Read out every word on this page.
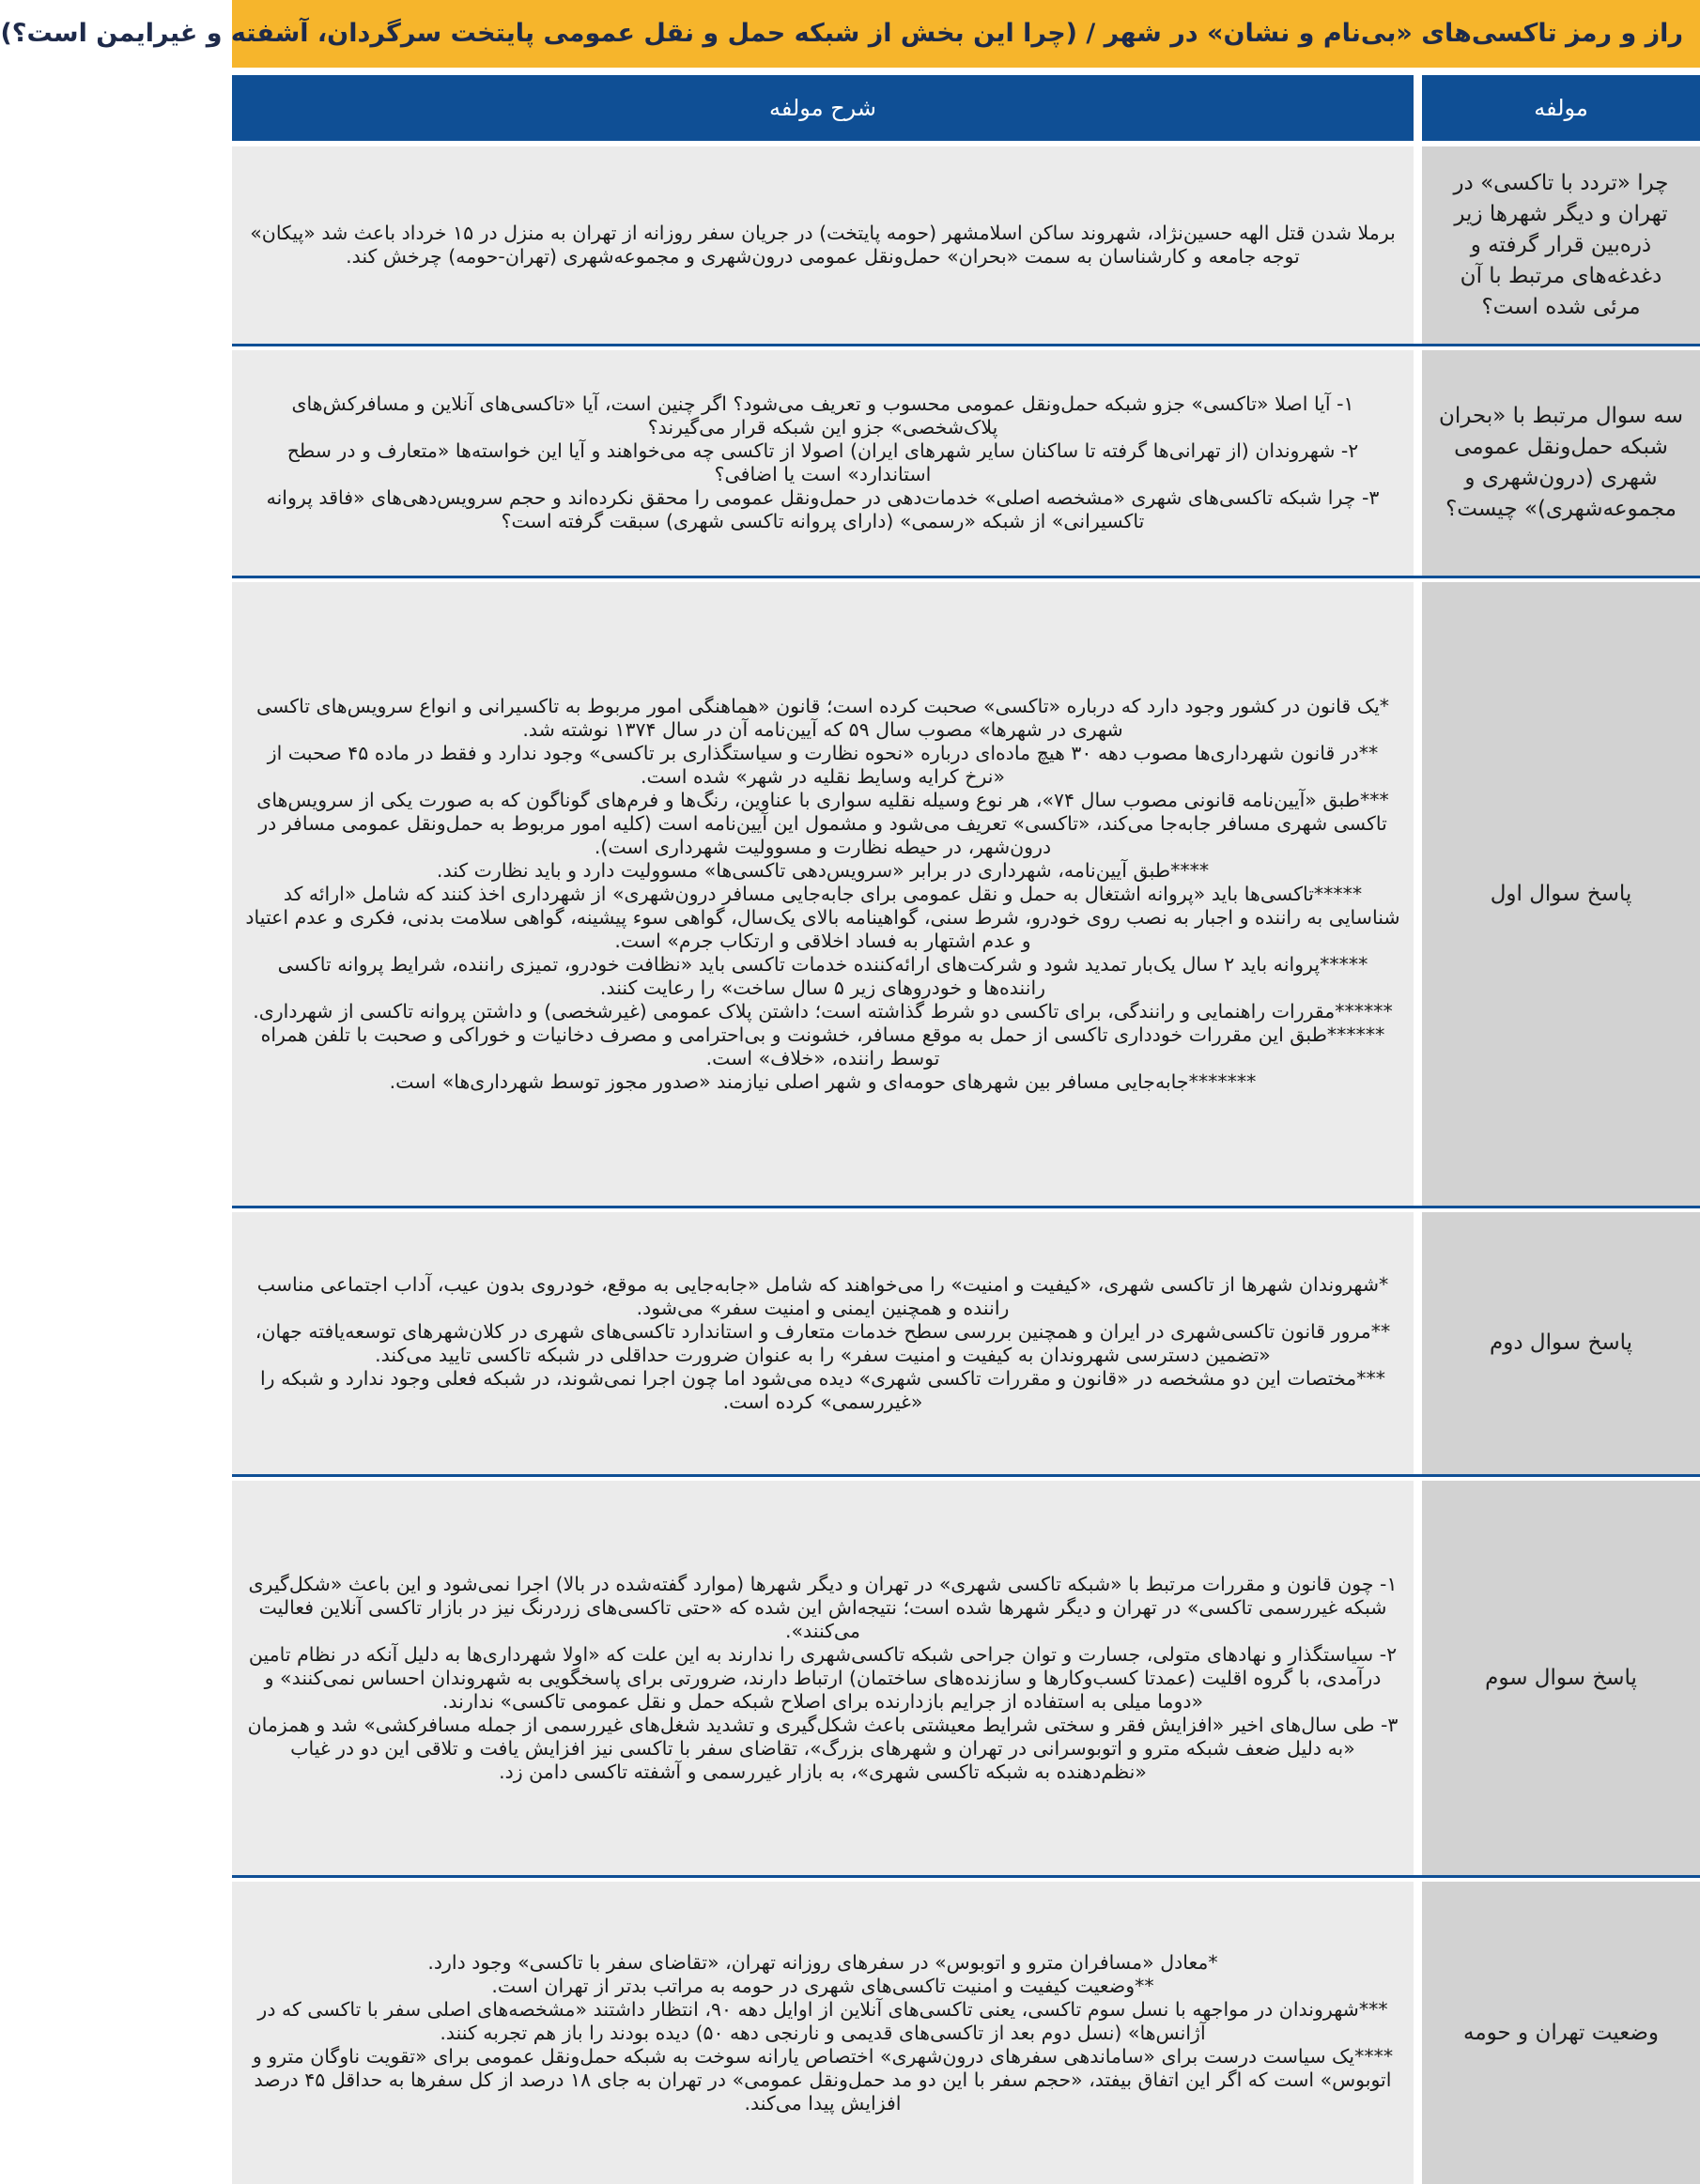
راز و رمز تاکسی‌های «بی‌نام و نشان» در شهر / (چرا این بخش از شبکه حمل و نقل عمومی پایتخت سرگردان، آشفته و غیرایمن است؟)
شرح مولفه	مولفه

برملا شدن قتل الهه حسین‌نژاد، شهروند ساکن اسلامشهر (حومه پایتخت) در جریان سفر روزانه از تهران به منزل در ۱۵ خرداد باعث شد «پیکان» توجه جامعه و کارشناسان به سمت «بحران» حمل‌ونقل عمومی درون‌شهری و مجموعه‌شهری (تهران-حومه) چرخش کند.

چرا «تردد با تاکسی» در تهران و دیگر شهرها زیر ذره‌بین قرار گرفته و دغدغه‌های مرتبط با آن مرئی شده است؟

۱- آیا اصلا «تاکسی» جزو شبکه حمل‌ونقل عمومی محسوب و تعریف می‌شود؟ اگر چنین است، آیا «تاکسی‌های آنلاین و مسافرکش‌های پلاک‌شخصی» جزو این شبکه قرار می‌گیرند؟

۲- شهروندان (از تهرانی‌ها گرفته تا ساکنان سایر شهرهای ایران) اصولا از تاکسی چه می‌خواهند و آیا این خواسته‌ها «متعارف و در سطح استاندارد» است یا اضافی؟

۳- چرا شبکه تاکسی‌های شهری «مشخصه اصلی» خدمات‌دهی در حمل‌ونقل عمومی را محقق نکرده‌اند و حجم سرویس‌دهی‌های «فاقد پروانه تاکسیرانی» از شبکه «رسمی» (دارای پروانه تاکسی شهری) سبقت گرفته است؟

سه سوال مرتبط با «بحران شبکه حمل‌ونقل عمومی شهری (درون‌شهری و مجموعه‌شهری)» چیست؟

*یک قانون در کشور وجود دارد که درباره «تاکسی» صحبت کرده است؛ قانون «هماهنگی امور مربوط به تاکسیرانی و انواع سرویس‌های تاکسی شهری در شهرها» مصوب سال ۵۹ که آیین‌نامه آن در سال ۱۳۷۴ نوشته شد.

**در قانون شهرداری‌ها مصوب دهه ۳۰ هیچ ماده‌ای درباره «نحوه نظارت و سیاستگذاری بر تاکسی» وجود ندارد و فقط در ماده ۴۵ صحبت از «نرخ کرایه وسایط نقلیه در شهر» شده است.

***طبق «آیین‌نامه قانونی مصوب سال ۷۴»، هر نوع وسیله نقلیه سواری با عناوین، رنگ‌ها و فرم‌های گوناگون که به صورت یکی از سرویس‌های تاکسی شهری مسافر جابه‌جا می‌کند، «تاکسی» تعریف می‌شود و مشمول این آیین‌نامه است (کلیه امور مربوط به حمل‌ونقل عمومی مسافر در درون‌شهر، در حیطه نظارت و مسوولیت شهرداری است).

****طبق آیین‌نامه، شهرداری در برابر «سرویس‌دهی تاکسی‌ها» مسوولیت دارد و باید نظارت کند.

*****تاکسی‌ها باید «پروانه اشتغال به حمل و نقل عمومی برای جابه‌جایی مسافر درون‌شهری» از شهرداری اخذ کنند که شامل «ارائه کد شناسایی به راننده و اجبار به نصب روی خودرو، شرط سنی، گواهینامه بالای یک‌سال، گواهی سوء پیشینه، گواهی سلامت بدنی، فکری و عدم اعتیاد و عدم اشتهار به فساد اخلاقی و ارتکاب جرم» است.

*****پروانه باید ۲ سال یک‌بار تمدید شود و شرکت‌های ارائه‌کننده خدمات تاکسی باید «نظافت خودرو، تمیزی راننده، شرایط پروانه تاکسی راننده‌ها و خودروهای زیر ۵ سال ساخت» را رعایت کنند.

******مقررات راهنمایی و رانندگی، برای تاکسی دو شرط گذاشته است؛ داشتن پلاک عمومی (غیرشخصی) و داشتن پروانه تاکسی از شهرداری.

******طبق این مقررات خودداری تاکسی از حمل به موقع مسافر، خشونت و بی‌احترامی و مصرف دخانیات و خوراکی و صحبت با تلفن همراه توسط راننده، «خلاف» است.

*******جابه‌جایی مسافر بین شهرهای حومه‌ای و شهر اصلی نیازمند «صدور مجوز توسط شهرداری‌ها» است.

پاسخ سوال اول

*شهروندان شهرها از تاکسی شهری، «کیفیت و امنیت» را می‌خواهند که شامل «جابه‌جایی به موقع، خودروی بدون عیب، آداب اجتماعی مناسب راننده و همچنین ایمنی و امنیت سفر» می‌شود.

**مرور قانون تاکسی‌شهری در ایران و همچنین بررسی سطح خدمات متعارف و استاندارد تاکسی‌های شهری در کلان‌شهرهای توسعه‌یافته جهان، «تضمین دسترسی شهروندان به کیفیت و امنیت سفر» را به عنوان ضرورت حداقلی در شبکه تاکسی تایید می‌کند.

***مختصات این دو مشخصه در «قانون و مقررات تاکسی شهری» دیده می‌شود اما چون اجرا نمی‌شوند، در شبکه فعلی وجود ندارد و شبکه را «غیررسمی» کرده است.

پاسخ سوال دوم

۱- چون قانون و مقررات مرتبط با «شبکه تاکسی شهری» در تهران و دیگر شهرها (موارد گفته‌شده در بالا) اجرا نمی‌شود و این باعث «شکل‌گیری شبکه غیررسمی تاکسی» در تهران و دیگر شهرها شده است؛ نتیجه‌اش این شده که «حتی تاکسی‌های زردرنگ نیز در بازار تاکسی آنلاین فعالیت می‌کنند».

۲- سیاستگذار و نهادهای متولی، جسارت و توان جراحی شبکه تاکسی‌شهری را ندارند به این علت که «اولا شهرداری‌ها به دلیل آنکه در نظام تامین درآمدی، با گروه اقلیت (عمدتا کسب‌وکارها و سازنده‌های ساختمان) ارتباط دارند، ضرورتی برای پاسخگویی به شهروندان احساس نمی‌کنند» و «دوما میلی به استفاده از جرایم بازدارنده برای اصلاح شبکه حمل و نقل عمومی تاکسی» ندارند.

۳- طی سال‌های اخیر «افزایش فقر و سختی شرایط معیشتی باعث شکل‌گیری و تشدید شغل‌های غیررسمی از جمله مسافرکشی» شد و همزمان «به دلیل ضعف شبکه مترو و اتوبوسرانی در تهران و شهرهای بزرگ»، تقاضای سفر با تاکسی نیز افزایش یافت و تلاقی این دو در غیاب «نظم‌دهنده به شبکه تاکسی شهری»، به بازار غیررسمی و آشفته تاکسی دامن زد.

پاسخ سوال سوم

*معادل «مسافران مترو و اتوبوس» در سفرهای روزانه تهران، «تقاضای سفر با تاکسی» وجود دارد.

**وضعیت کیفیت و امنیت تاکسی‌های شهری در حومه به مراتب بدتر از تهران است.

***شهروندان در مواجهه با نسل سوم تاکسی، یعنی تاکسی‌های آنلاین از اوایل دهه ۹۰، انتظار داشتند «مشخصه‌های اصلی سفر با تاکسی که در آژانس‌ها» (نسل دوم بعد از تاکسی‌های قدیمی و نارنجی دهه ۵۰) دیده بودند را باز هم تجربه کنند.

****یک سیاست درست برای «ساماندهی سفرهای درون‌شهری» اختصاص یارانه سوخت به شبکه حمل‌ونقل عمومی برای «تقویت ناوگان مترو و اتوبوس» است که اگر این اتفاق بیفتد، «حجم سفر با این دو مد حمل‌ونقل عمومی» در تهران به جای ۱۸ درصد از کل سفرها به حداقل ۴۵ درصد افزایش پیدا می‌کند.

وضعیت تهران و حومه
